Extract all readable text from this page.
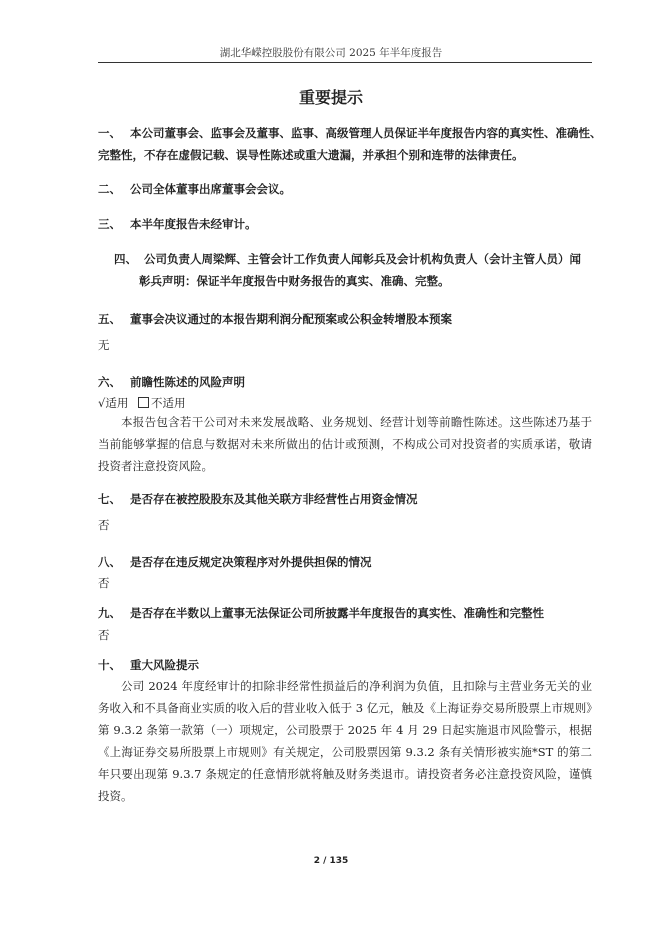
湖北华嵘控股股份有限公司 2025 年半年度报告
重要提示
一、 本公司董事会、监事会及董事、监事、高级管理人员保证半年度报告内容的真实性、准确性、
完整性，不存在虚假记载、误导性陈述或重大遗漏，并承担个别和连带的法律责任。
二、 公司全体董事出席董事会会议。
三、 本半年度报告未经审计。
四、 公司负责人周梁辉、主管会计工作负责人闻彰兵及会计机构负责人（会计主管人员）闻
彰兵声明：保证半年度报告中财务报告的真实、准确、完整。
五、 董事会决议通过的本报告期利润分配预案或公积金转增股本预案
无
六、 前瞻性陈述的风险声明
√适用 不适用
本报告包含若干公司对未来发展战略、业务规划、经营计划等前瞻性陈述。这些陈述乃基于当前能够掌握的信息与数据对未来所做出的估计或预测，不构成公司对投资者的实质承诺，敬请投资者注意投资风险。
七、 是否存在被控股股东及其他关联方非经营性占用资金情况
否
八、 是否存在违反规定决策程序对外提供担保的情况
否
九、 是否存在半数以上董事无法保证公司所披露半年度报告的真实性、准确性和完整性
否
十、 重大风险提示
公司 2024 年度经审计的扣除非经常性损益后的净利润为负值，且扣除与主营业务无关的业务收入和不具备商业实质的收入后的营业收入低于 3 亿元，触及《上海证券交易所股票上市规则》第 9.3.2 条第一款第（一）项规定，公司股票于 2025 年 4 月 29 日起实施退市风险警示，根据《上海证券交易所股票上市规则》有关规定，公司股票因第 9.3.2 条有关情形被实施*ST 的第二年只要出现第 9.3.7 条规定的任意情形就将触及财务类退市。请投资者务必注意投资风险，谨慎投资。
2 / 135
